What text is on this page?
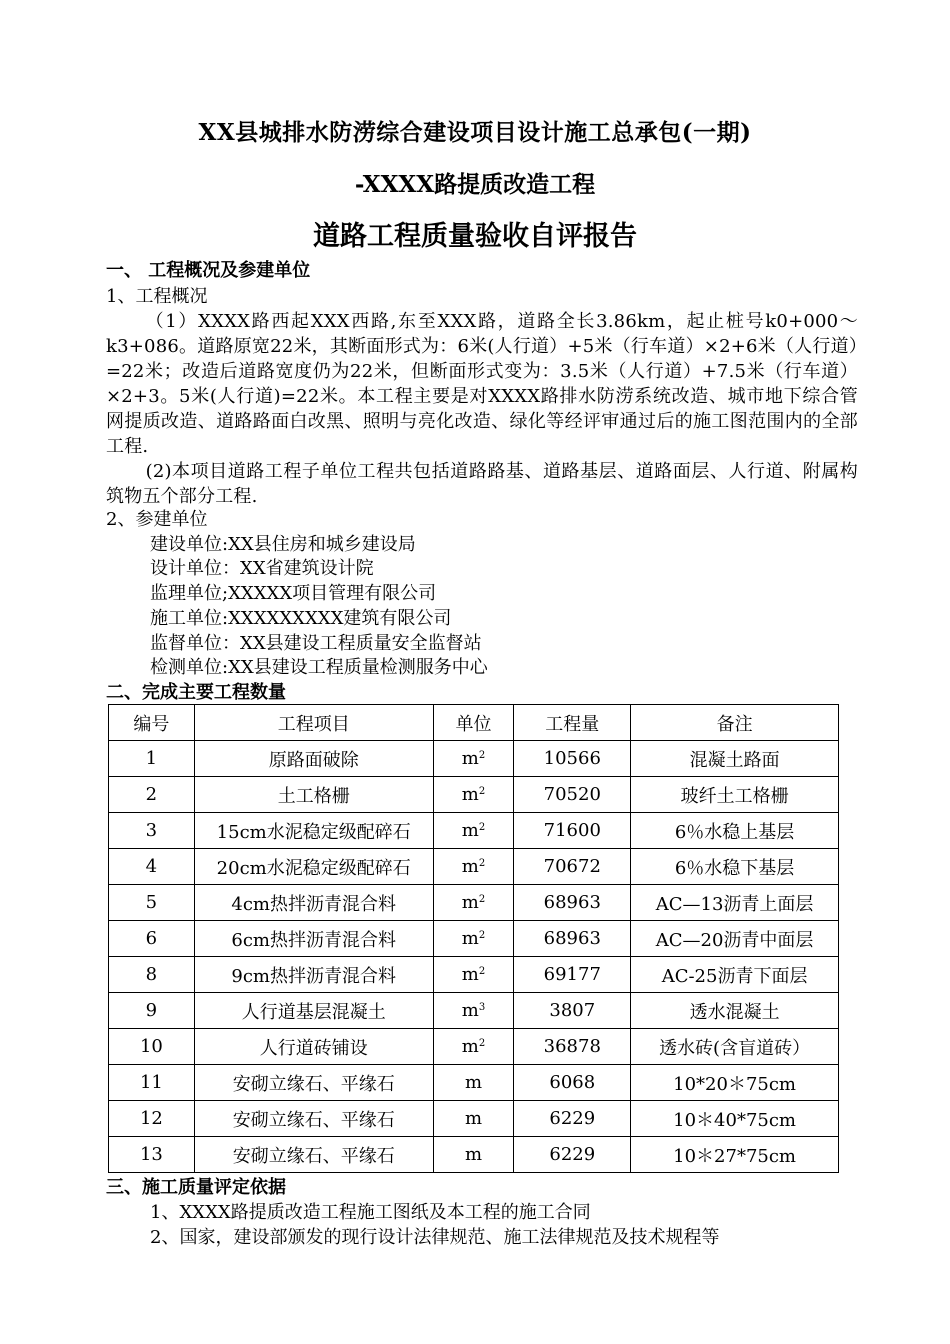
XX县城排水防涝综合建设项目设计施工总承包(一期)
-XXXX路提质改造工程
道路工程质量验收自评报告
一、 工程概况及参建单位
1、工程概况
（1）XXXX路西起XXX西路,东至XXX路，道路全长3.86km，起止桩号k0+000～k3+086。道路原宽22米，其断面形式为：6米(人行道）+5米（行车道）×2+6米（人行道）=22米；改造后道路宽度仍为22米，但断面形式变为：3.5米（人行道）+7.5米（行车道）×2+3。5米(人行道)=22米。本工程主要是对XXXX路排水防涝系统改造、城市地下综合管网提质改造、道路路面白改黑、照明与亮化改造、绿化等经评审通过后的施工图范围内的全部工程.
(2)本项目道路工程子单位工程共包括道路路基、道路基层、道路面层、人行道、附属构筑物五个部分工程.
2、参建单位
建设单位:XX县住房和城乡建设局
设计单位：XX省建筑设计院
监理单位;XXXXX项目管理有限公司
施工单位:XXXXXXXXX建筑有限公司
监督单位：XX县建设工程质量安全监督站
检测单位:XX县建设工程质量检测服务中心
二、完成主要工程数量
编号	工程项目	单位	工程量	备注
1	原路面破除	$m^2$	10566	混凝土路面
2	土工格栅	$m^2$	70520	玻纤土工格栅
3	15cm水泥稳定级配碎石	$m^2$	71600	6％水稳上基层
4	20cm水泥稳定级配碎石	$m^2$	70672	6％水稳下基层
5	4cm热拌沥青混合料	$m^2$	68963	AC—13沥青上面层
6	6cm热拌沥青混合料	$m^2$	68963	AC—20沥青中面层
8	9cm热拌沥青混合料	$m^2$	69177	AC-25沥青下面层
9	人行道基层混凝土	$m^3$	3807	透水混凝土
10	人行道砖铺设	$m^2$	36878	透水砖(含盲道砖）
11	安砌立缘石、平缘石	m	6068	10*20＊75cm
12	安砌立缘石、平缘石	m	6229	10＊40*75cm
13	安砌立缘石、平缘石	m	6229	10＊27*75cm
三、施工质量评定依据
1、XXXX路提质改造工程施工图纸及本工程的施工合同
2、国家，建设部颁发的现行设计法律规范、施工法律规范及技术规程等
